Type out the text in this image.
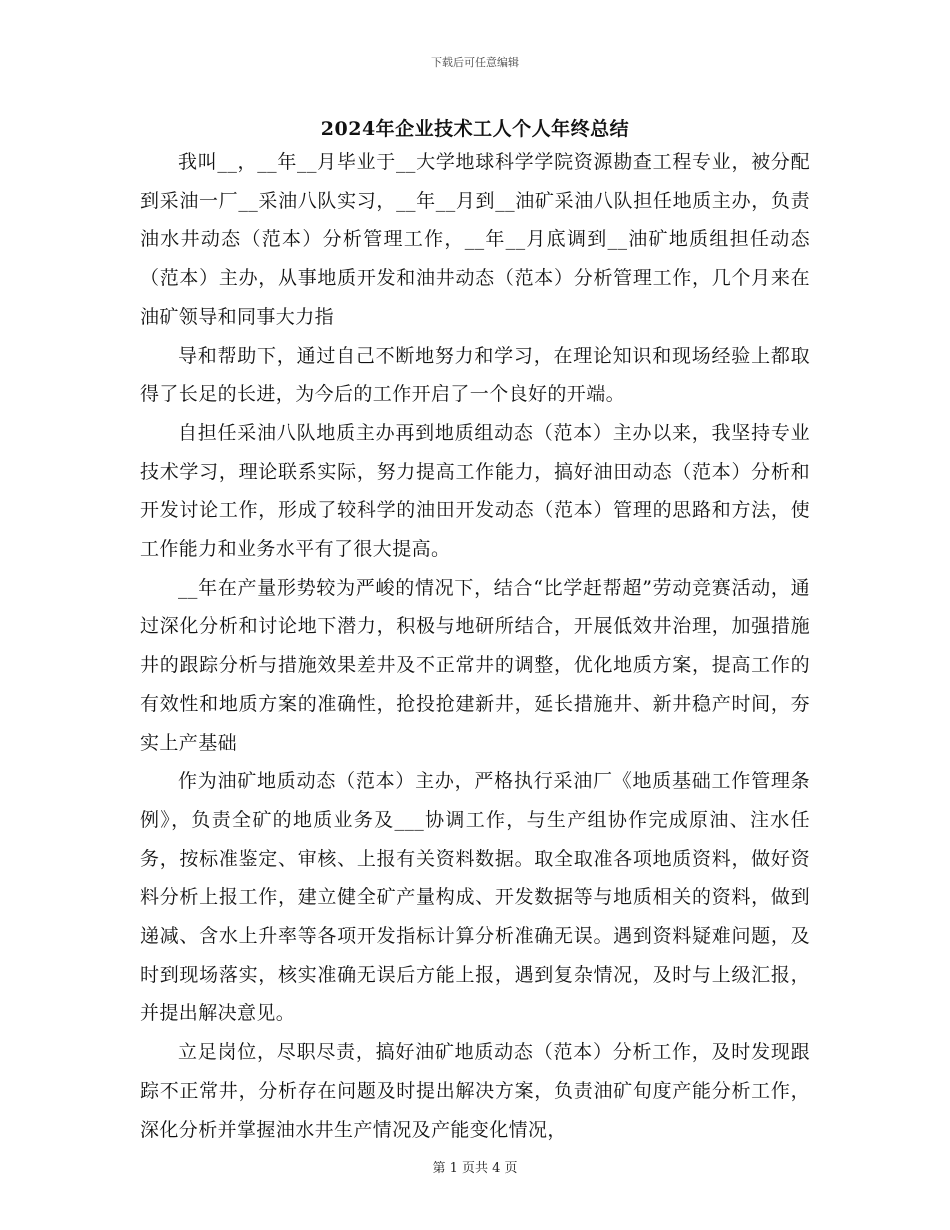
下载后可任意编辑
2024年企业技术工人个人年终总结

我叫__，__年__月毕业于__大学地球科学学院资源勘查工程专业，被分配到采油一厂__采油八队实习，__年__月到__油矿采油八队担任地质主办，负责油水井动态（范本）分析管理工作，__年__月底调到__油矿地质组担任动态（范本）主办，从事地质开发和油井动态（范本）分析管理工作，几个月来在油矿领导和同事大力指

导和帮助下，通过自己不断地努力和学习，在理论知识和现场经验上都取得了长足的长进，为今后的工作开启了一个良好的开端。

自担任采油八队地质主办再到地质组动态（范本）主办以来，我坚持专业技术学习，理论联系实际，努力提高工作能力，搞好油田动态（范本）分析和开发讨论工作，形成了较科学的油田开发动态（范本）管理的思路和方法，使工作能力和业务水平有了很大提高。

__年在产量形势较为严峻的情况下，结合“比学赶帮超”劳动竞赛活动，通过深化分析和讨论地下潜力，积极与地研所结合，开展低效井治理，加强措施井的跟踪分析与措施效果差井及不正常井的调整，优化地质方案，提高工作的有效性和地质方案的准确性，抢投抢建新井，延长措施井、新井稳产时间，夯实上产基础

作为油矿地质动态（范本）主办，严格执行采油厂《地质基础工作管理条例》，负责全矿的地质业务及___协调工作，与生产组协作完成原油、注水任务，按标准鉴定、审核、上报有关资料数据。取全取准各项地质资料，做好资料分析上报工作，建立健全矿产量构成、开发数据等与地质相关的资料，做到递减、含水上升率等各项开发指标计算分析准确无误。遇到资料疑难问题，及时到现场落实，核实准确无误后方能上报，遇到复杂情况，及时与上级汇报，并提出解决意见。

立足岗位，尽职尽责，搞好油矿地质动态（范本）分析工作，及时发现跟踪不正常井，分析存在问题及时提出解决方案，负责油矿旬度产能分析工作，深化分析并掌握油水井生产情况及产能变化情况，

第 1 页共 4 页
